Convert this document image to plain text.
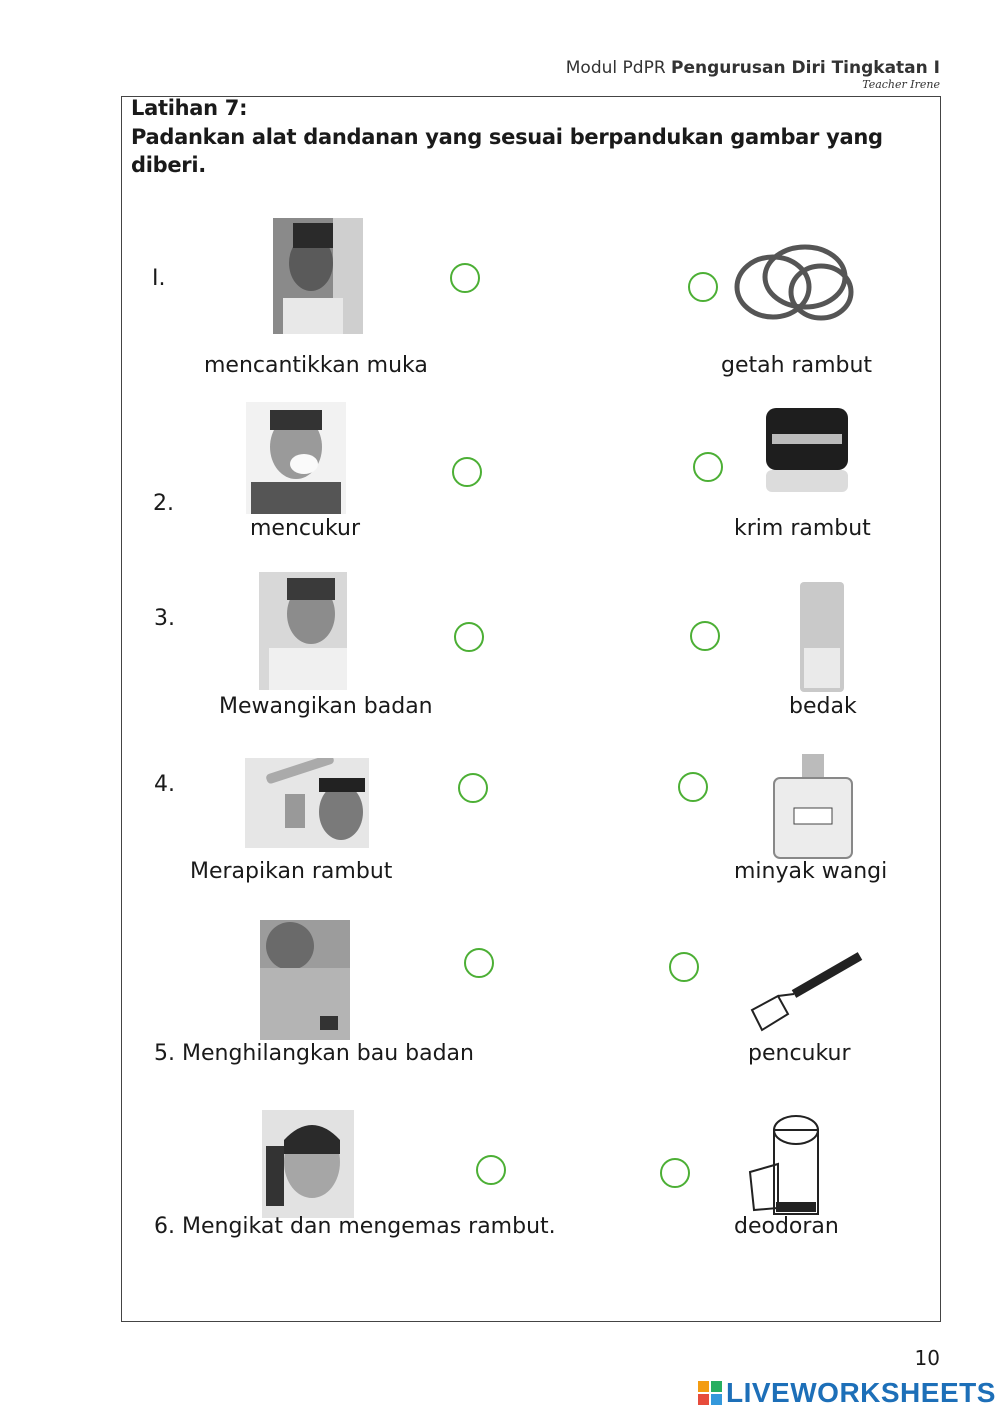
Modul PdPR Pengurusan Diri Tingkatan I
Teacher Irene
Latihan 7:
Padankan alat dandanan yang sesuai berpandukan gambar yang diberi.
I.
mencantikkan muka	getah rambut
2.
mencukur	krim rambut
3.
Mewangikan badan	bedak
4.
Merapikan rambut	minyak wangi
5. Menghilangkan bau badan	pencukur
6. Mengikat dan mengemas rambut.	deodoran
10
LIVEWORKSHEETS
